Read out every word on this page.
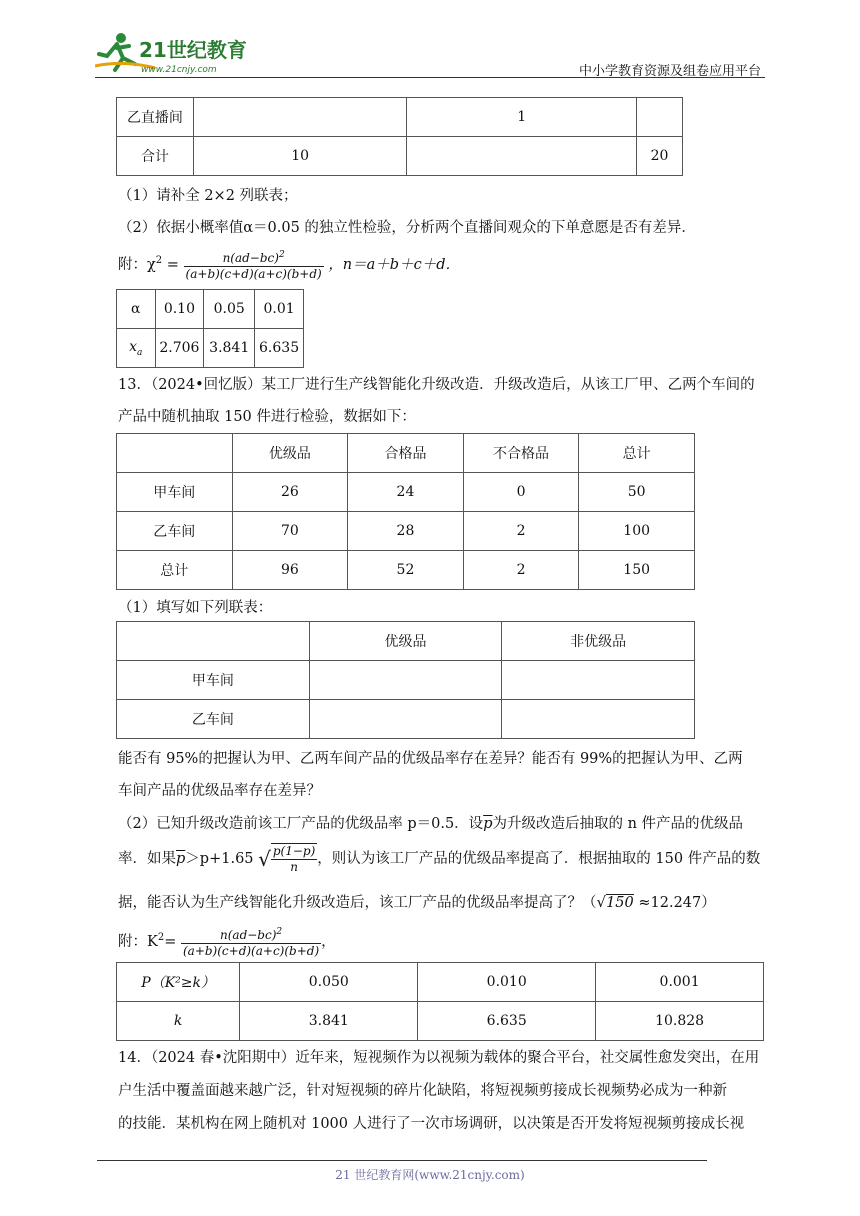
21世纪教育
www.21cnjy.com	中小学教育资源及组卷应用平台
乙直播间		1	
合计	10		20
（1）请补全 2×2 列联表；
（2）依据小概率值α＝0.05 的独立性检验，分析两个直播间观众的下单意愿是否有差异．
附：$\chi^2 = \frac{n(ad-bc)^2}{(a+b)(c+d)(a+c)(b+d)}$ ，n＝a＋b＋c＋d．
α	0.10	0.05	0.01
$x_a$	2.706	3.841	6.635
13．（2024•回忆版）某工厂进行生产线智能化升级改造．升级改造后，从该工厂甲、乙两个车间的
产品中随机抽取 150 件进行检验，数据如下：
	优级品	合格品	不合格品	总计
甲车间	26	24	0	50
乙车间	70	28	2	100
总计	96	52	2	150
（1）填写如下列联表：
	优级品	非优级品
甲车间		
乙车间		
能否有 95%的把握认为甲、乙两车间产品的优级品率存在差异？能否有 99%的把握认为甲、乙两
车间产品的优级品率存在差异？
（2）已知升级改造前该工厂产品的优级品率 p＝0.5．设$\overline{p}$为升级改造后抽取的 n 件产品的优级品
率．如果$\overline{p}>p+1.65$ √ $\frac{p(1-p)}{n}$ ，则认为该工厂产品的优级品率提高了．根据抽取的 150 件产品的数
据，能否认为生产线智能化升级改造后，该工厂产品的优级品率提高了？（√150 ≈12.247）
附：$K^2= \frac{n(ad-bc)^2}{(a+b)(c+d)(a+c)(b+d)}$ ，
P（K²≥k）	0.050	0.010	0.001
k	3.841	6.635	10.828
14．（2024 春•沈阳期中）近年来，短视频作为以视频为载体的聚合平台，社交属性愈发突出，在用
户生活中覆盖面越来越广泛，针对短视频的碎片化缺陷，将短视频剪接成长视频势必成为一种新
的技能．某机构在网上随机对 1000 人进行了一次市场调研，以决策是否开发将短视频剪接成长视
21 世纪教育网(www.21cnjy.com)
